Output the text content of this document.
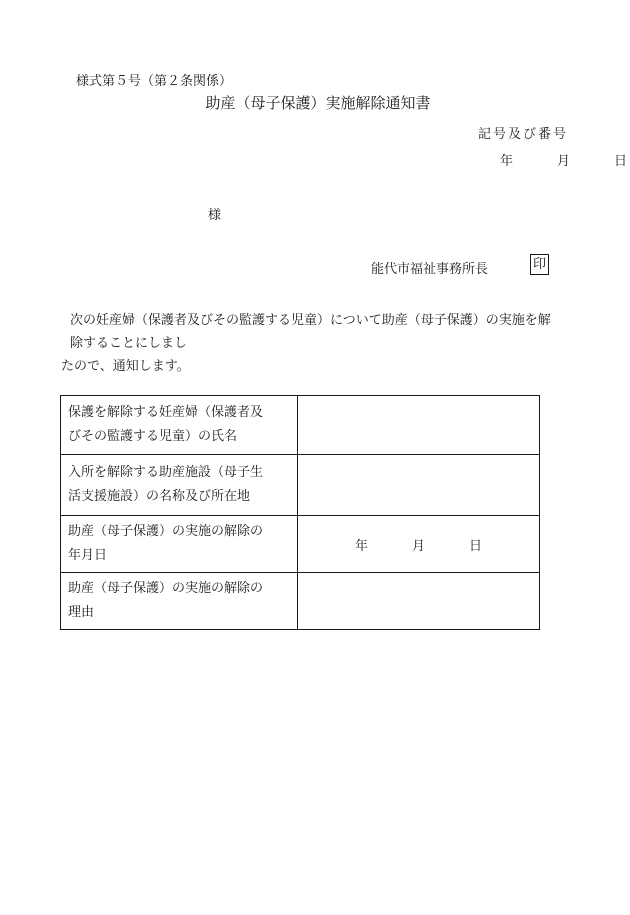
様式第５号（第２条関係）
助産（母子保護）実施解除通知書
記号及び番号
年	月	日
様
能代市福祉事務所長	印
次の妊産婦（保護者及びその監護する児童）について助産（母子保護）の実施を解
除することにしまし
たので、通知します。
保護を解除する妊産婦（保護者及
びその監護する児童）の氏名	

入所を解除する助産施設（母子生
活支援施設）の名称及び所在地	

助産（母子保護）の実施の解除の
年月日	年 月 日

助産（母子保護）の実施の解除の
理由	
